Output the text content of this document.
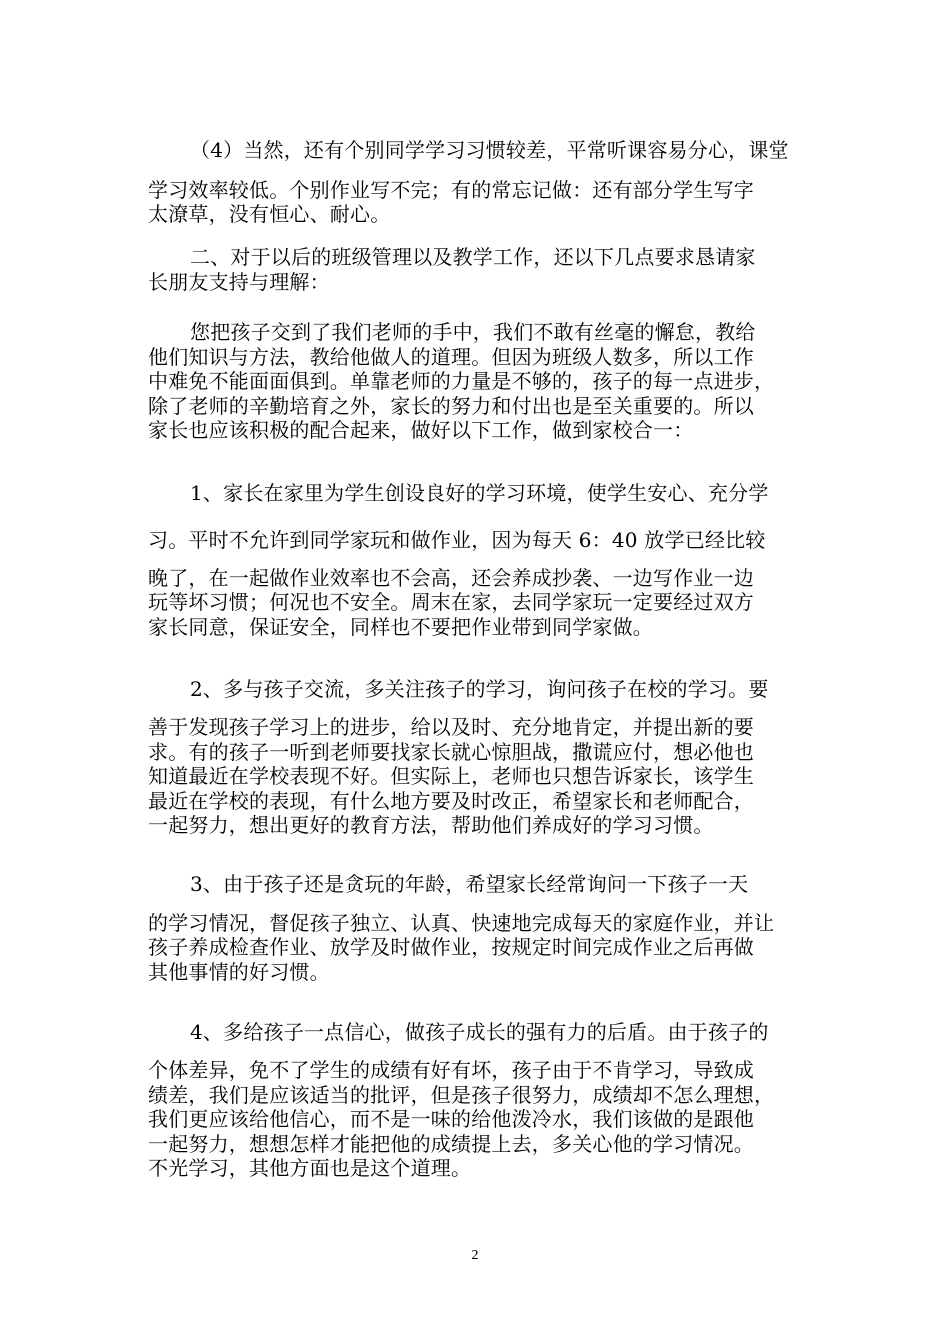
（4）当然，还有个别同学学习习惯较差，平常听课容易分心，课堂
学习效率较低。个别作业写不完；有的常忘记做：还有部分学生写字
太潦草，没有恒心、耐心。
二、对于以后的班级管理以及教学工作，还以下几点要求恳请家
长朋友支持与理解：
您把孩子交到了我们老师的手中，我们不敢有丝毫的懈怠，教给
他们知识与方法，教给他做人的道理。但因为班级人数多，所以工作
中难免不能面面俱到。单靠老师的力量是不够的，孩子的每一点进步，
除了老师的辛勤培育之外，家长的努力和付出也是至关重要的。所以
家长也应该积极的配合起来，做好以下工作，做到家校合一：
1、家长在家里为学生创设良好的学习环境，使学生安心、充分学
习。平时不允许到同学家玩和做作业，因为每天 6：40 放学已经比较
晚了，在一起做作业效率也不会高，还会养成抄袭、一边写作业一边
玩等坏习惯；何况也不安全。周末在家，去同学家玩一定要经过双方
家长同意，保证安全，同样也不要把作业带到同学家做。
2、多与孩子交流，多关注孩子的学习，询问孩子在校的学习。要
善于发现孩子学习上的进步，给以及时、充分地肯定，并提出新的要
求。有的孩子一听到老师要找家长就心惊胆战，撒谎应付，想必他也
知道最近在学校表现不好。但实际上，老师也只想告诉家长，该学生
最近在学校的表现，有什么地方要及时改正，希望家长和老师配合，
一起努力，想出更好的教育方法，帮助他们养成好的学习习惯。
3、由于孩子还是贪玩的年龄，希望家长经常询问一下孩子一天
的学习情况，督促孩子独立、认真、快速地完成每天的家庭作业，并让
孩子养成检查作业、放学及时做作业，按规定时间完成作业之后再做
其他事情的好习惯。
4、多给孩子一点信心，做孩子成长的强有力的后盾。由于孩子的
个体差异，免不了学生的成绩有好有坏，孩子由于不肯学习，导致成
绩差，我们是应该适当的批评，但是孩子很努力，成绩却不怎么理想，
我们更应该给他信心，而不是一味的给他泼冷水，我们该做的是跟他
一起努力，想想怎样才能把他的成绩提上去，多关心他的学习情况。
不光学习，其他方面也是这个道理。
2
